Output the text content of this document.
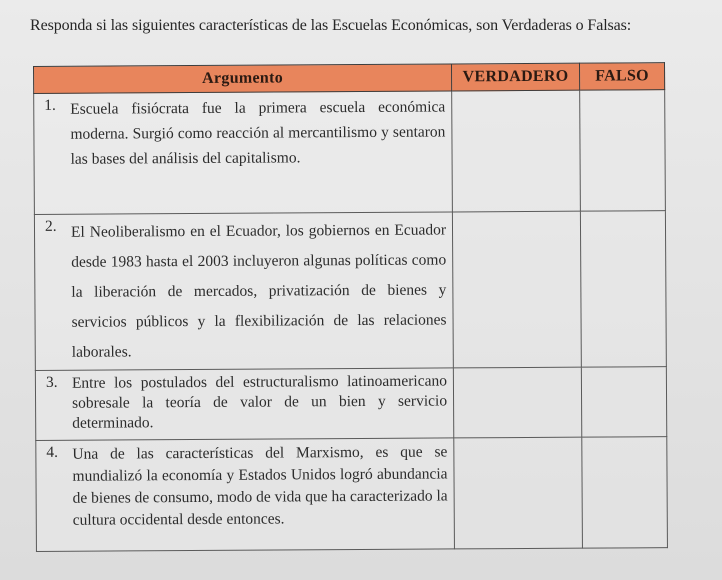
Responda si las siguientes características de las Escuelas Económicas, son Verdaderas o Falsas:
Argumento	VERDADERO	FALSO

1. Escuela fisiócrata fue la primera escuela económica moderna. Surgió como reacción al mercantilismo y sentaron las bases del análisis del capitalismo.		

2. El Neoliberalismo en el Ecuador, los gobiernos en Ecuador desde 1983 hasta el 2003 incluyeron algunas políticas como la liberación de mercados, privatización de bienes y servicios públicos y la flexibilización de las relaciones laborales.		

3. Entre los postulados del estructuralismo latinoamericano sobresale la teoría de valor de un bien y servicio determinado.		

4. Una de las características del Marxismo, es que se mundializó la economía y Estados Unidos logró abundancia de bienes de consumo, modo de vida que ha caracterizado la cultura occidental desde entonces.		
